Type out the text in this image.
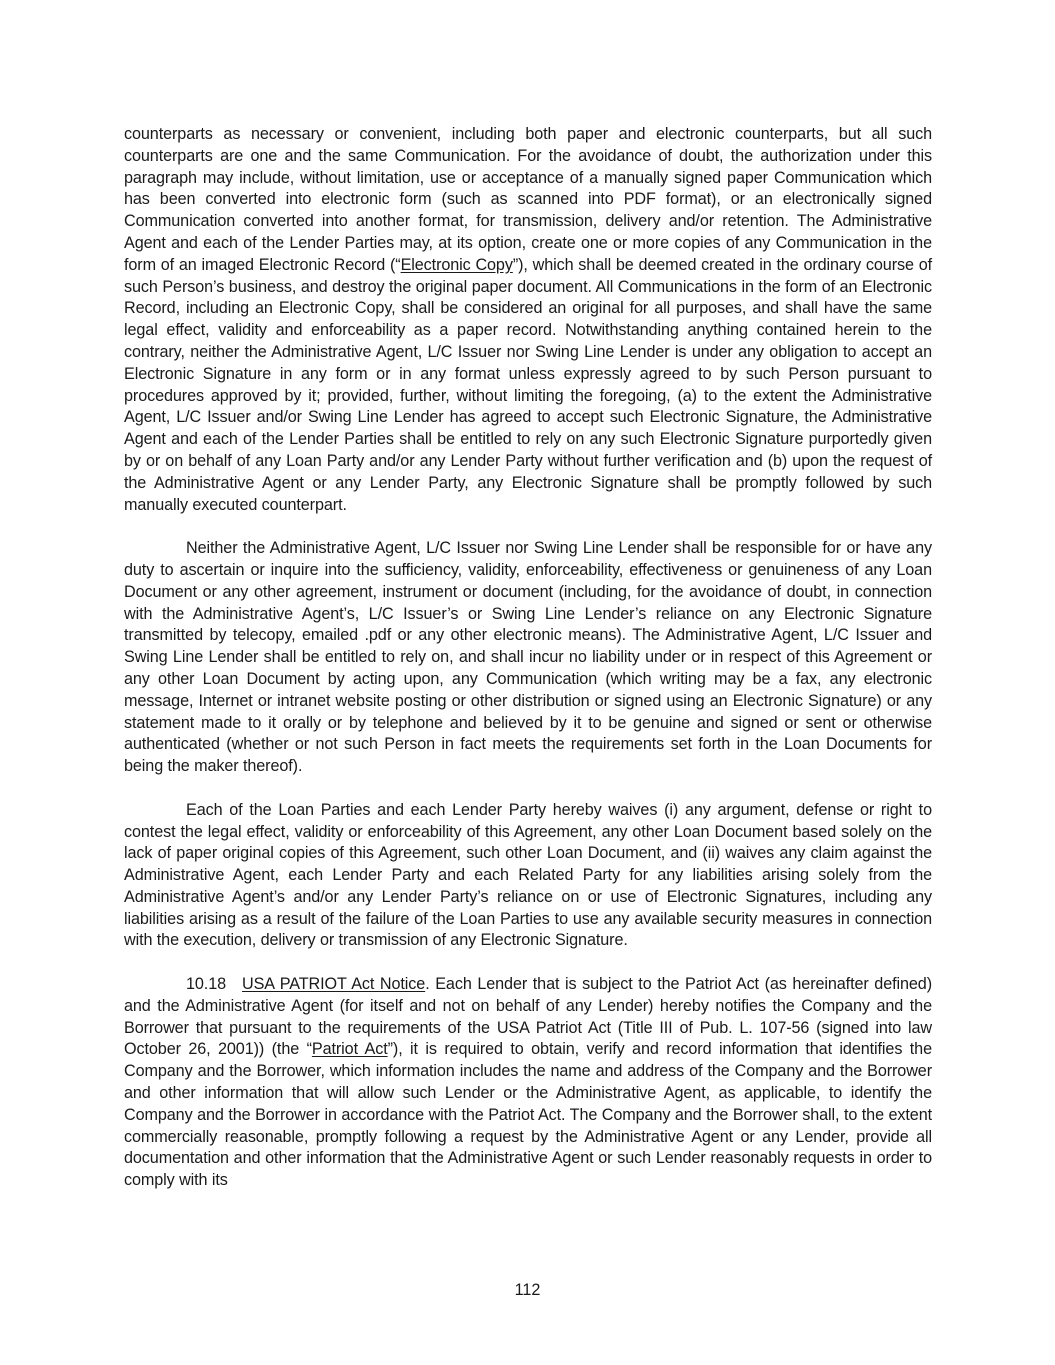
counterparts as necessary or convenient, including both paper and electronic counterparts, but all such counterparts are one and the same Communication. For the avoidance of doubt, the authorization under this paragraph may include, without limitation, use or acceptance of a manually signed paper Communication which has been converted into electronic form (such as scanned into PDF format), or an electronically signed Communication converted into another format, for transmission, delivery and/or retention. The Administrative Agent and each of the Lender Parties may, at its option, create one or more copies of any Communication in the form of an imaged Electronic Record (“Electronic Copy”), which shall be deemed created in the ordinary course of such Person’s business, and destroy the original paper document. All Communications in the form of an Electronic Record, including an Electronic Copy, shall be considered an original for all purposes, and shall have the same legal effect, validity and enforceability as a paper record. Notwithstanding anything contained herein to the contrary, neither the Administrative Agent, L/C Issuer nor Swing Line Lender is under any obligation to accept an Electronic Signature in any form or in any format unless expressly agreed to by such Person pursuant to procedures approved by it; provided, further, without limiting the foregoing, (a) to the extent the Administrative Agent, L/C Issuer and/or Swing Line Lender has agreed to accept such Electronic Signature, the Administrative Agent and each of the Lender Parties shall be entitled to rely on any such Electronic Signature purportedly given by or on behalf of any Loan Party and/or any Lender Party without further verification and (b) upon the request of the Administrative Agent or any Lender Party, any Electronic Signature shall be promptly followed by such manually executed counterpart.

Neither the Administrative Agent, L/C Issuer nor Swing Line Lender shall be responsible for or have any duty to ascertain or inquire into the sufficiency, validity, enforceability, effectiveness or genuineness of any Loan Document or any other agreement, instrument or document (including, for the avoidance of doubt, in connection with the Administrative Agent’s, L/C Issuer’s or Swing Line Lender’s reliance on any Electronic Signature transmitted by telecopy, emailed .pdf or any other electronic means). The Administrative Agent, L/C Issuer and Swing Line Lender shall be entitled to rely on, and shall incur no liability under or in respect of this Agreement or any other Loan Document by acting upon, any Communication (which writing may be a fax, any electronic message, Internet or intranet website posting or other distribution or signed using an Electronic Signature) or any statement made to it orally or by telephone and believed by it to be genuine and signed or sent or otherwise authenticated (whether or not such Person in fact meets the requirements set forth in the Loan Documents for being the maker thereof).

Each of the Loan Parties and each Lender Party hereby waives (i) any argument, defense or right to contest the legal effect, validity or enforceability of this Agreement, any other Loan Document based solely on the lack of paper original copies of this Agreement, such other Loan Document, and (ii) waives any claim against the Administrative Agent, each Lender Party and each Related Party for any liabilities arising solely from the Administrative Agent’s and/or any Lender Party’s reliance on or use of Electronic Signatures, including any liabilities arising as a result of the failure of the Loan Parties to use any available security measures in connection with the execution, delivery or transmission of any Electronic Signature.

10.18 USA PATRIOT Act Notice. Each Lender that is subject to the Patriot Act (as hereinafter defined) and the Administrative Agent (for itself and not on behalf of any Lender) hereby notifies the Company and the Borrower that pursuant to the requirements of the USA Patriot Act (Title III of Pub. L. 107-56 (signed into law October 26, 2001)) (the “Patriot Act”), it is required to obtain, verify and record information that identifies the Company and the Borrower, which information includes the name and address of the Company and the Borrower and other information that will allow such Lender or the Administrative Agent, as applicable, to identify the Company and the Borrower in accordance with the Patriot Act. The Company and the Borrower shall, to the extent commercially reasonable, promptly following a request by the Administrative Agent or any Lender, provide all documentation and other information that the Administrative Agent or such Lender reasonably requests in order to comply with its

112
